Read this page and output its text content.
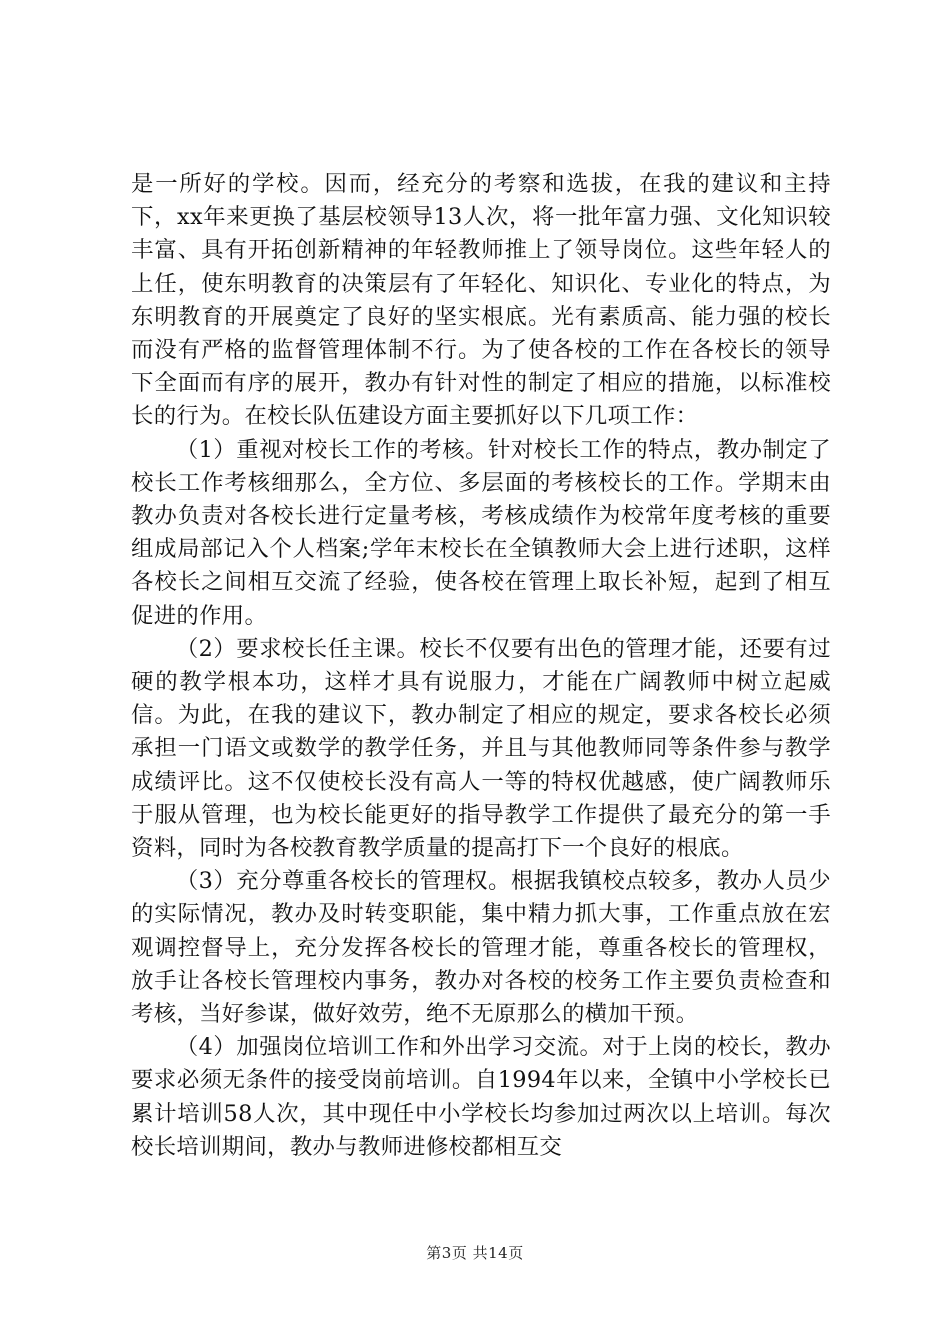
是一所好的学校。因而，经充分的考察和选拔，在我的建议和主持下，xx年来更换了基层校领导13人次，将一批年富力强、文化知识较丰富、具有开拓创新精神的年轻教师推上了领导岗位。这些年轻人的上任，使东明教育的决策层有了年轻化、知识化、专业化的特点，为东明教育的开展奠定了良好的坚实根底。光有素质高、能力强的校长而没有严格的监督管理体制不行。为了使各校的工作在各校长的领导下全面而有序的展开，教办有针对性的制定了相应的措施，以标准校长的行为。在校长队伍建设方面主要抓好以下几项工作：

（1）重视对校长工作的考核。针对校长工作的特点，教办制定了校长工作考核细那么，全方位、多层面的考核校长的工作。学期末由教办负责对各校长进行定量考核，考核成绩作为校常年度考核的重要组成局部记入个人档案;学年末校长在全镇教师大会上进行述职，这样各校长之间相互交流了经验，使各校在管理上取长补短，起到了相互促进的作用。

（2）要求校长任主课。校长不仅要有出色的管理才能，还要有过硬的教学根本功，这样才具有说服力，才能在广阔教师中树立起威信。为此，在我的建议下，教办制定了相应的规定，要求各校长必须承担一门语文或数学的教学任务，并且与其他教师同等条件参与教学成绩评比。这不仅使校长没有高人一等的特权优越感，使广阔教师乐于服从管理，也为校长能更好的指导教学工作提供了最充分的第一手资料，同时为各校教育教学质量的提高打下一个良好的根底。

（3）充分尊重各校长的管理权。根据我镇校点较多，教办人员少的实际情况，教办及时转变职能，集中精力抓大事，工作重点放在宏观调控督导上，充分发挥各校长的管理才能，尊重各校长的管理权，放手让各校长管理校内事务，教办对各校的校务工作主要负责检查和考核，当好参谋，做好效劳，绝不无原那么的横加干预。

（4）加强岗位培训工作和外出学习交流。对于上岗的校长，教办要求必须无条件的接受岗前培训。自1994年以来，全镇中小学校长已累计培训58人次，其中现任中小学校长均参加过两次以上培训。每次校长培训期间，教办与教师进修校都相互交

第3页 共14页
